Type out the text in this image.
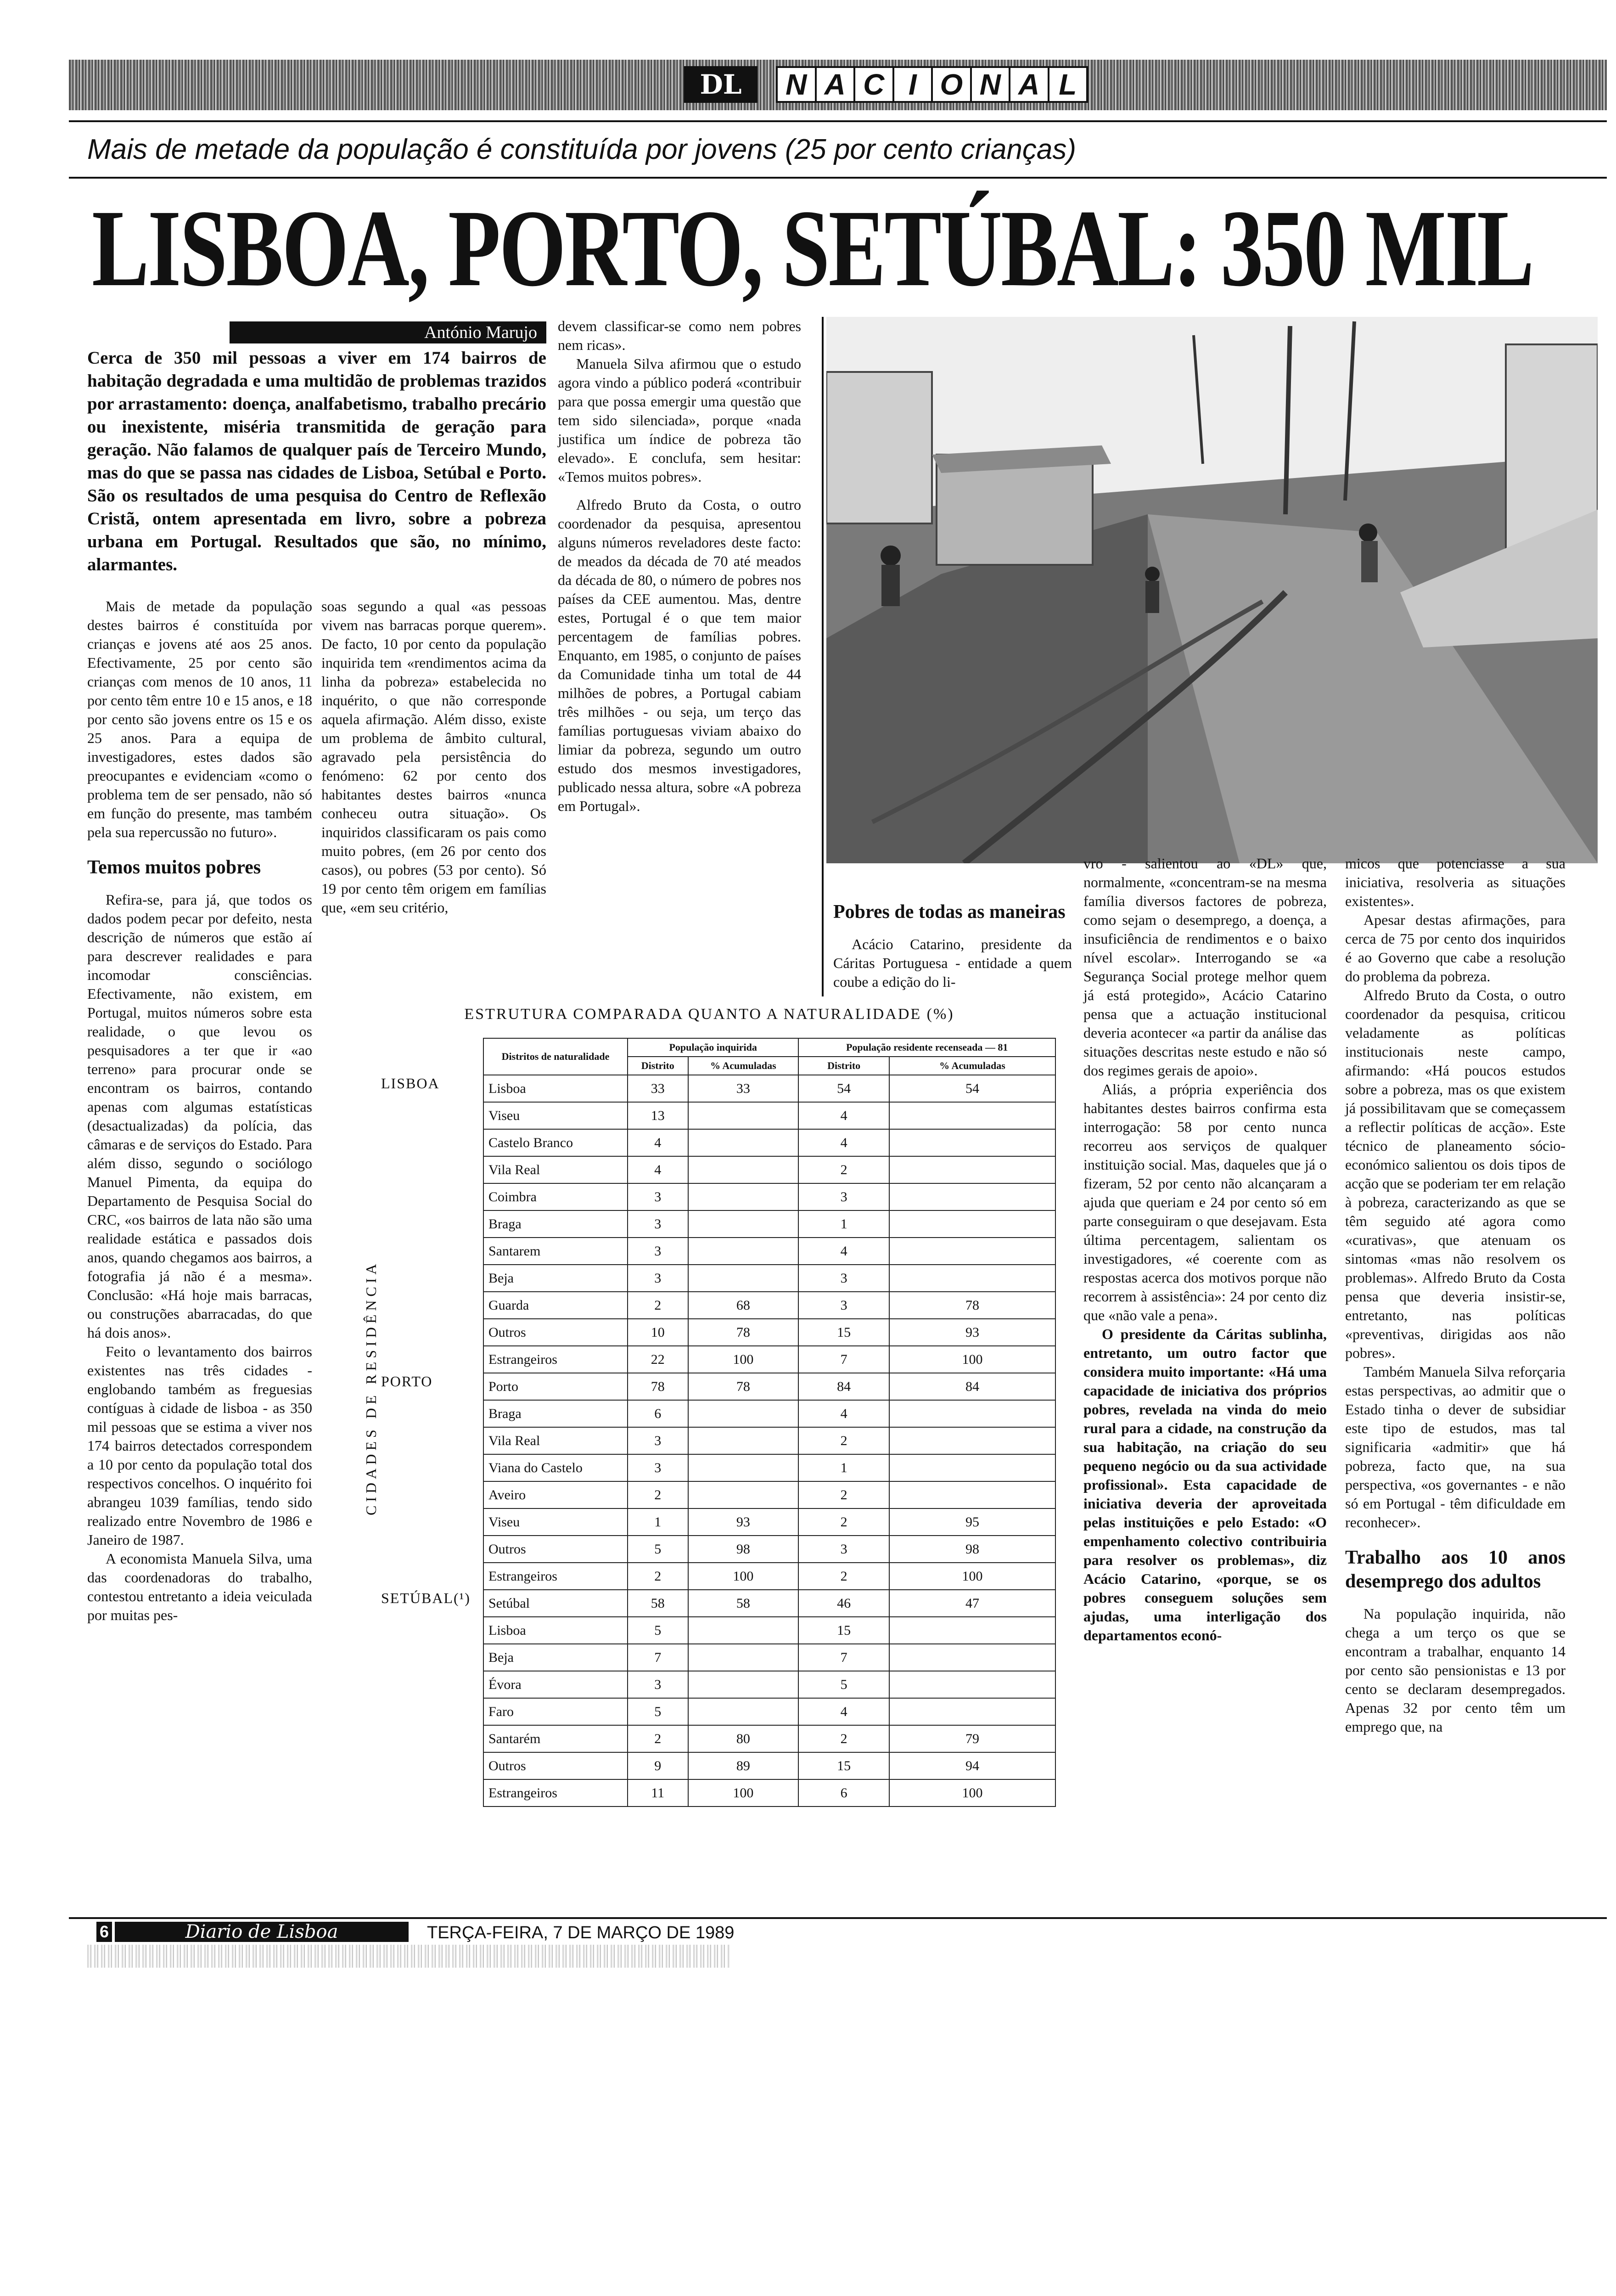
DL	N A C I O N A L
Mais de metade da população é constituída por jovens (25 por cento crianças)
LISBOA, PORTO, SETÚBAL: 350 MIL
António Marujo
Cerca de 350 mil pessoas a viver em 174 bairros de habitação degradada e uma multidão de problemas trazidos por arrastamento: doença, analfabetismo, trabalho precário ou inexistente, miséria transmitida de geração para geração. Não falamos de qualquer país de Terceiro Mundo, mas do que se passa nas cidades de Lisboa, Setúbal e Porto. São os resultados de uma pesquisa do Centro de Reflexão Cristã, ontem apresentada em livro, sobre a pobreza urbana em Portugal. Resultados que são, no mínimo, alarmantes.

Mais de metade da população destes bairros é constituída por crianças e jovens até aos 25 anos. Efectivamente, 25 por cento são crianças com menos de 10 anos, 11 por cento têm entre 10 e 15 anos, e 18 por cento são jovens entre os 15 e os 25 anos. Para a equipa de investigadores, estes dados são preocupantes e evidenciam «como o problema tem de ser pensado, não só em função do presente, mas também pela sua repercussão no futuro».

Temos muitos pobres

Refira-se, para já, que todos os dados podem pecar por defeito, nesta descrição de números que estão aí para descrever realidades e para incomodar consciências. Efectivamente, não existem, em Portugal, muitos números sobre esta realidade, o que levou os pesquisadores a ter que ir «ao terreno» para procurar onde se encontram os bairros, contando apenas com algumas estatísticas (desactualizadas) da polícia, das câmaras e de serviços do Estado. Para além disso, segundo o sociólogo Manuel Pimenta, da equipa do Departamento de Pesquisa Social do CRC, «os bairros de lata não são uma realidade estática e passados dois anos, quando chegamos aos bairros, a fotografia já não é a mesma». Conclusão: «Há hoje mais barracas, ou construções abarracadas, do que há dois anos».

Feito o levantamento dos bairros existentes nas três cidades - englobando também as freguesias contíguas à cidade de lisboa - as 350 mil pessoas que se estima a viver nos 174 bairros detectados correspondem a 10 por cento da população total dos respectivos concelhos. O inquérito foi abrangeu 1039 famílias, tendo sido realizado entre Novembro de 1986 e Janeiro de 1987.

A economista Manuela Silva, uma das coordenadoras do trabalho, contestou entretanto a ideia veiculada por muitas pes-

soas segundo a qual «as pessoas vivem nas barracas porque querem». De facto, 10 por cento da população inquirida tem «rendimentos acima da linha da pobreza» estabelecida no inquérito, o que não corresponde aquela afirmação. Além disso, existe um problema de âmbito cultural, agravado pela persistência do fenómeno: 62 por cento dos habitantes destes bairros «nunca conheceu outra situação». Os inquiridos classificaram os pais como muito pobres, (em 26 por cento dos casos), ou pobres (53 por cento). Só 19 por cento têm origem em famílias que, «em seu critério,

devem classificar-se como nem pobres nem ricas».

Manuela Silva afirmou que o estudo agora vindo a público poderá «contribuir para que possa emergir uma questão que tem sido silenciada», porque «nada justifica um índice de pobreza tão elevado». E conclufa, sem hesitar: «Temos muitos pobres».

Alfredo Bruto da Costa, o outro coordenador da pesquisa, apresentou alguns números reveladores deste facto: de meados da década de 70 até meados da década de 80, o número de pobres nos países da CEE aumentou. Mas, dentre estes, Portugal é o que tem maior percentagem de famílias pobres. Enquanto, em 1985, o conjunto de países da Comunidade tinha um total de 44 milhões de pobres, a Portugal cabiam três milhões - ou seja, um terço das famílias portuguesas viviam abaixo do limiar da pobreza, segundo um outro estudo dos mesmos investigadores, publicado nessa altura, sobre «A pobreza em Portugal».

Pobres de todas as maneiras

Acácio Catarino, presidente da Cáritas Portuguesa - entidade a quem coube a edição do li-

vro - salientou ao «DL» que, normalmente, «concentram-se na mesma família diversos factores de pobreza, como sejam o desemprego, a doença, a insuficiência de rendimentos e o baixo nível escolar». Interrogando se «a Segurança Social protege melhor quem já está protegido», Acácio Catarino pensa que a actuação institucional deveria acontecer «a partir da análise das situações descritas neste estudo e não só dos regimes gerais de apoio».

Aliás, a própria experiência dos habitantes destes bairros confirma esta interrogação: 58 por cento nunca recorreu aos serviços de qualquer instituição social. Mas, daqueles que já o fizeram, 52 por cento não alcançaram a ajuda que queriam e 24 por cento só em parte conseguiram o que desejavam. Esta última percentagem, salientam os investigadores, «é coerente com as respostas acerca dos motivos porque não recorrem à assistência»: 24 por cento diz que «não vale a pena».

O presidente da Cáritas sublinha, entretanto, um outro factor que considera muito importante: «Há uma capacidade de iniciativa dos próprios pobres, revelada na vinda do meio rural para a cidade, na construção da sua habitação, na criação do seu pequeno negócio ou da sua actividade profissional». Esta capacidade de iniciativa deveria der aproveitada pelas instituições e pelo Estado: «O empenhamento colectivo contribuiria para resolver os problemas», diz Acácio Catarino, «porque, se os pobres conseguem soluções sem ajudas, uma interligação dos departamentos econó-

micos que potenciasse a sua iniciativa, resolveria as situações existentes».

Apesar destas afirmações, para cerca de 75 por cento dos inquiridos é ao Governo que cabe a resolução do problema da pobreza.

Alfredo Bruto da Costa, o outro coordenador da pesquisa, criticou veladamente as políticas institucionais neste campo, afirmando: «Há poucos estudos sobre a pobreza, mas os que existem já possibilitavam que se começassem a reflectir políticas de acção». Este técnico de planeamento sócio-económico salientou os dois tipos de acção que se poderiam ter em relação à pobreza, caracterizando as que se têm seguido até agora como «curativas», que atenuam os sintomas «mas não resolvem os problemas». Alfredo Bruto da Costa pensa que deveria insistir-se, entretanto, nas políticas «preventivas, dirigidas aos não pobres».

Também Manuela Silva reforçaria estas perspectivas, ao admitir que o Estado tinha o dever de subsidiar este tipo de estudos, mas tal significaria «admitir» que há pobreza, facto que, na sua perspectiva, «os governantes - e não só em Portugal - têm dificuldade em reconhecer».

Trabalho aos 10 anos desemprego dos adultos

Na população inquirida, não chega a um terço os que se encontram a trabalhar, enquanto 14 por cento são pensionistas e 13 por cento se declaram desempregados. Apenas 32 por cento têm um emprego que, na

ESTRUTURA COMPARADA QUANTO A NATURALIDADE (%)
CIDADES DE RESIDÊNCIA
	Distritos de naturalidade	População inquirida		População residente recenseada — 81	
		Distrito	% Acumuladas	Distrito	% Acumuladas
LISBOA	Lisboa	33	33	54	54
	Viseu	13		4	
	Castelo Branco	4		4	
	Vila Real	4		2	
	Coimbra	3		3	
	Braga	3		1	
	Santarem	3		4	
	Beja	3		3	
	Guarda	2	68	3	78
	Outros	10	78	15	93
	Estrangeiros	22	100	7	100
PORTO	Porto	78	78	84	84
	Braga	6		4	
	Vila Real	3		2	
	Viana do Castelo	3		1	
	Aveiro	2		2	
	Viseu	1	93	2	95
	Outros	5	98	3	98
	Estrangeiros	2	100	2	100
SETÚBAL(¹)	Setúbal	58	58	46	47
	Lisboa	5		15	
	Beja	7		7	
	Évora	3		5	
	Faro	5		4	
	Santarém	2	80	2	79
	Outros	9	89	15	94
	Estrangeiros	11	100	6	100
6	Diario de Lisboa	TERÇA-FEIRA, 7 DE MARÇO DE 1989
